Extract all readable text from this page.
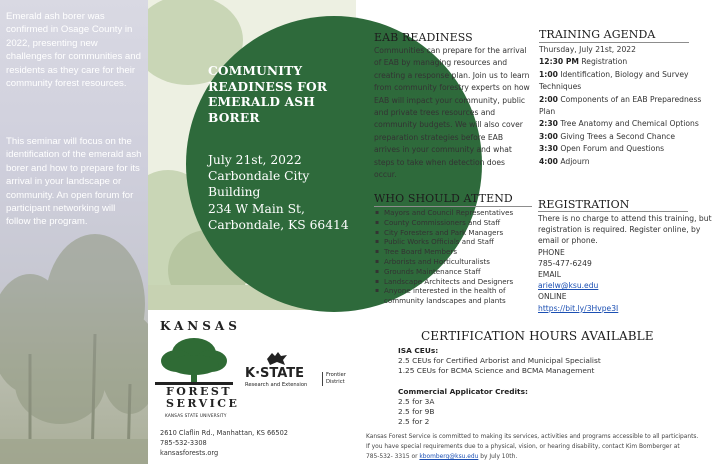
Emerald ash borer was confirmed in Osage County in 2022, presenting new challenges for communities and residents as they care for their community forest resources.
This seminar will focus on the identification of the emerald ash borer and how to prepare for its arrival in your landscape or community. An open forum for participant networking will follow the program.
COMMUNITY READINESS FOR EMERALD ASH BORER
July 21st, 2022
Carbondale City Building
234 W Main St,
Carbondale, KS 66414
KANSAS
FOREST SERVICE
KANSAS STATE UNIVERSITY
2610 Claflin Rd., Manhattan, KS 66502
785-532-3308
kansasforests.org
K·STATE
Research and Extension
Frontier District
EAB READINESS
Communities can prepare for the arrival of EAB by managing resources and creating a response plan. Join us to learn from community forestry experts on how EAB will impact your community, public and private trees resources and community budgets. We will also cover preparation strategies before EAB arrives in your community and what steps to take when detection does occur.
WHO SHOULD ATTEND
▪ Mayors and Council Representatives
▪ County Commissioners and Staff
▪ City Foresters and Park Managers
▪ Public Works Officials and Staff
▪ Tree Board Members
▪ Arborists and Horticulturalists
▪ Grounds Maintenance Staff
▪ Landscape Architects and Designers
▪ Anyone interested in the health of community landscapes and plants
TRAINING AGENDA
Thursday, July 21st, 2022
12:30 PM Registration
1:00 Identification, Biology and Survey Techniques
2:00 Components of an EAB Preparedness Plan
2:30 Tree Anatomy and Chemical Options
3:00 Giving Trees a Second Chance
3:30 Open Forum and Questions
4:00 Adjourn
REGISTRATION
There is no charge to attend this training, but registration is required. Register online, by email or phone.
PHONE
785-477-6249
EMAIL
arielw@ksu.edu
ONLINE
https://bit.ly/3Hvpe3I
CERTIFICATION HOURS AVAILABLE
ISA CEUs:
2.5 CEUs for Certified Arborist and Municipal Specialist
1.25 CEUs for BCMA Science and BCMA Management
Commercial Applicator Credits:
2.5 for 3A
2.5 for 9B
2.5 for 2
Kansas Forest Service is committed to making its services, activities and programs accessible to all participants.
If you have special requirements due to a physical, vision, or hearing disability, contact Kim Bomberger at
785-532- 3315 or kbomberg@ksu.edu by July 10th.
